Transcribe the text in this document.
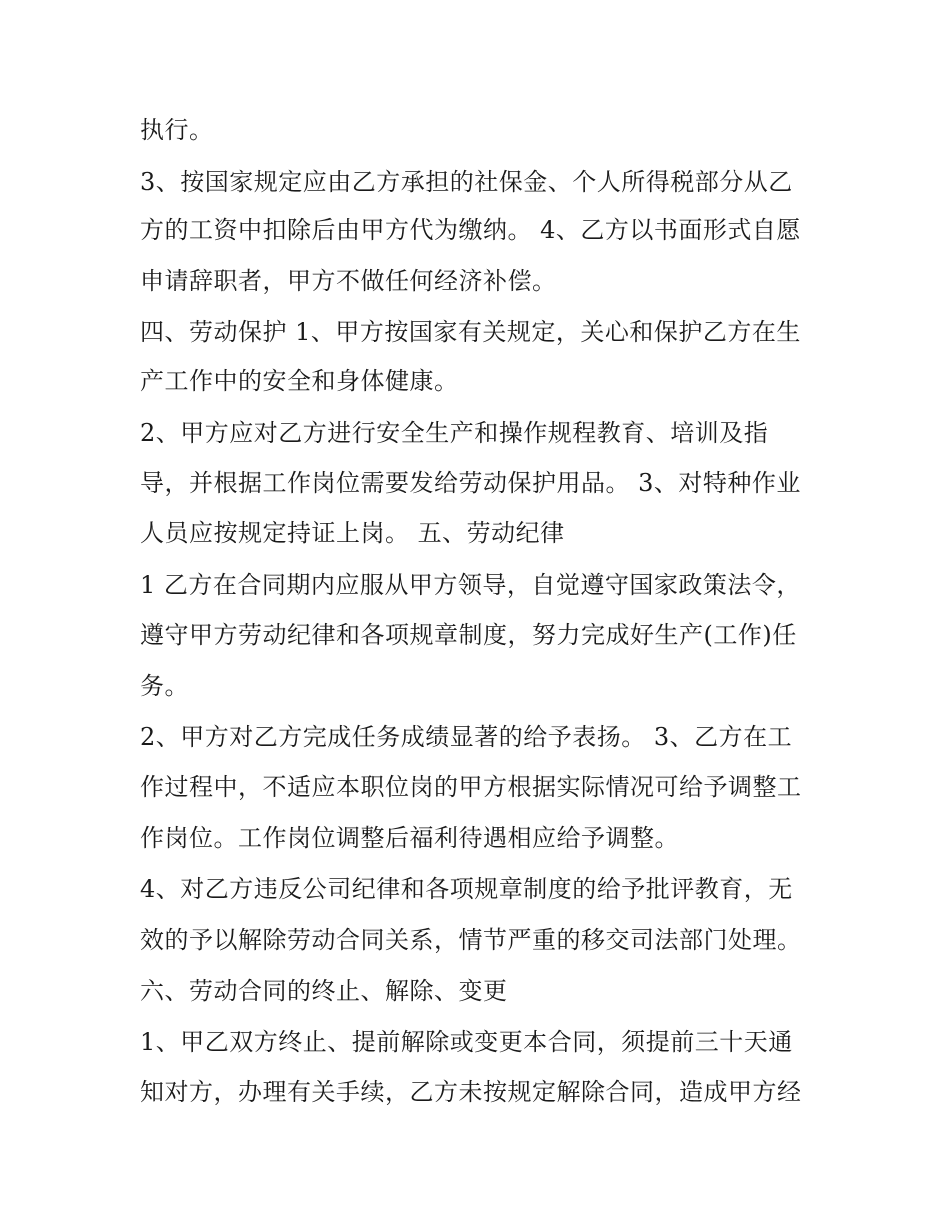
执行。
3、按国家规定应由乙方承担的社保金、个人所得税部分从乙
方的工资中扣除后由甲方代为缴纳。 4、乙方以书面形式自愿
申请辞职者，甲方不做任何经济补偿。
四、劳动保护 1、甲方按国家有关规定，关心和保护乙方在生
产工作中的安全和身体健康。
2、甲方应对乙方进行安全生产和操作规程教育、培训及指
导，并根据工作岗位需要发给劳动保护用品。 3、对特种作业
人员应按规定持证上岗。 五、劳动纪律
1 乙方在合同期内应服从甲方领导，自觉遵守国家政策法令，
遵守甲方劳动纪律和各项规章制度，努力完成好生产(工作)任
务。
2、甲方对乙方完成任务成绩显著的给予表扬。 3、乙方在工
作过程中，不适应本职位岗的甲方根据实际情况可给予调整工
作岗位。工作岗位调整后福利待遇相应给予调整。
4、对乙方违反公司纪律和各项规章制度的给予批评教育，无
效的予以解除劳动合同关系，情节严重的移交司法部门处理。
六、劳动合同的终止、解除、变更
1、甲乙双方终止、提前解除或变更本合同，须提前三十天通
知对方，办理有关手续，乙方未按规定解除合同，造成甲方经
